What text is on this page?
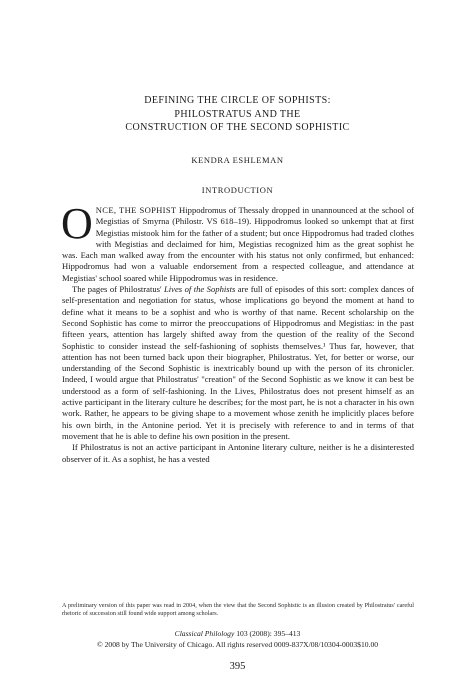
DEFINING THE CIRCLE OF SOPHISTS:
PHILOSTRATUS AND THE
CONSTRUCTION OF THE SECOND SOPHISTIC
KENDRA ESHLEMAN
INTRODUCTION

ONCE, THE SOPHIST Hippodromus of Thessaly dropped in unannounced at the school of Megistias of Smyrna (Philostr. VS 618–19). Hippodromus looked so unkempt that at first Megistias mistook him for the father of a student; but once Hippodromus had traded clothes with Megistias and declaimed for him, Megistias recognized him as the great sophist he was. Each man walked away from the encounter with his status not only confirmed, but enhanced: Hippodromus had won a valuable endorsement from a respected colleague, and attendance at Megistias' school soared while Hippodromus was in residence.

The pages of Philostratus' Lives of the Sophists are full of episodes of this sort: complex dances of self-presentation and negotiation for status, whose implications go beyond the moment at hand to define what it means to be a sophist and who is worthy of that name. Recent scholarship on the Second Sophistic has come to mirror the preoccupations of Hippodromus and Megistias: in the past fifteen years, attention has largely shifted away from the question of the reality of the Second Sophistic to consider instead the self-fashioning of sophists themselves.¹ Thus far, however, that attention has not been turned back upon their biographer, Philostratus. Yet, for better or worse, our understanding of the Second Sophistic is inextricably bound up with the person of its chronicler. Indeed, I would argue that Philostratus' "creation" of the Second Sophistic as we know it can best be understood as a form of self-fashioning. In the Lives, Philostratus does not present himself as an active participant in the literary culture he describes; for the most part, he is not a character in his own work. Rather, he appears to be giving shape to a movement whose zenith he implicitly places before his own birth, in the Antonine period. Yet it is precisely with reference to and in terms of that movement that he is able to define his own position in the present.

If Philostratus is not an active participant in Antonine literary culture, neither is he a disinterested observer of it. As a sophist, he has a vested

A preliminary version of this paper was read in 2004, when the view that the Second Sophistic is an illusion created by Philostratus' careful rhetoric of succession still found wide support among scholars.
Classical Philology 103 (2008): 395–413
© 2008 by The University of Chicago. All rights reserved 0009-837X/08/10304-0003$10.00
395
